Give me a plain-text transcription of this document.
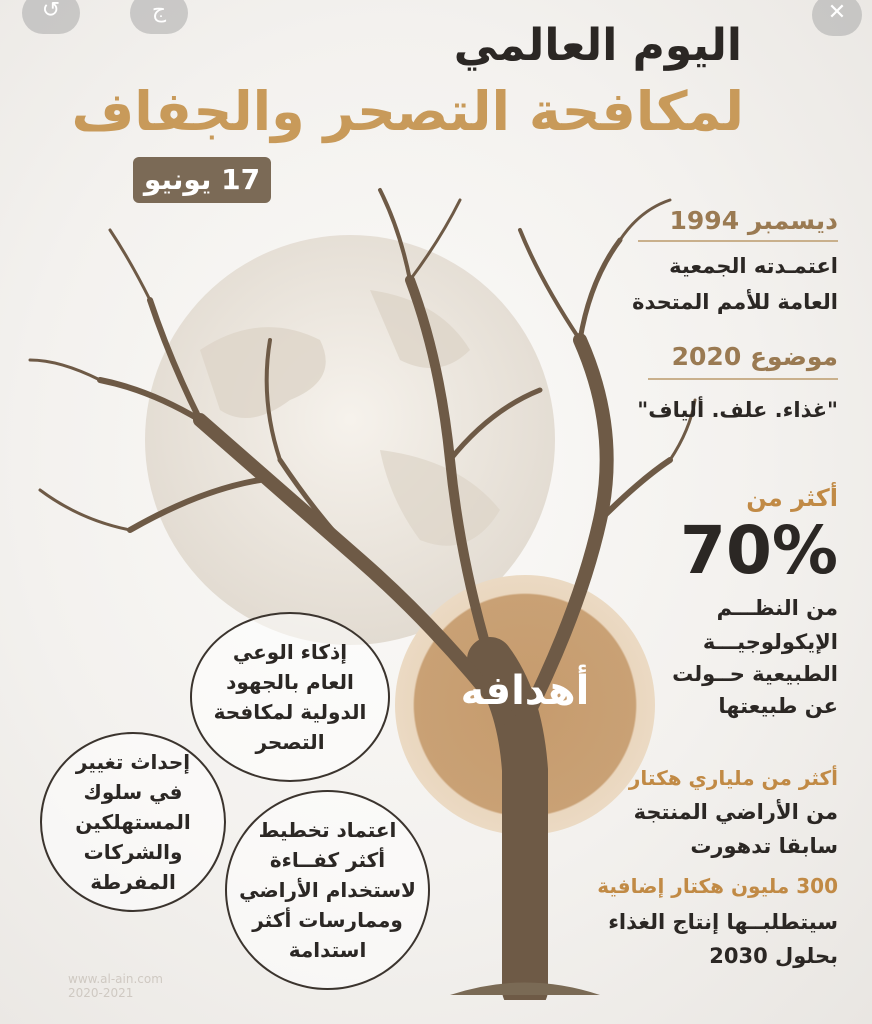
↺	ج	✕
اليوم العالمي
لمكافحة التصحر والجفاف
17 يونيو
ديسمبر 1994
اعتمـدته الجمعية
العامة للأمم المتحدة
موضوع 2020
"غذاء. علف. ألياف"
أكثر من
70%
من النظـــم
الإيكولوجيـــة
الطبيعية حــولت
عن طبيعتها
أكثر من ملياري هكتار
من الأراضي المنتجة
سابقا تدهورت
300 مليون هكتار إضافية
سيتطلبــها إنتاج الغذاء
بحلول 2030
أهدافه
إذكاء الوعي
العام بالجهود
الدولية لمكافحة
التصحر
إحداث تغيير
في سلوك
المستهلكين
والشركات
المفرطة
اعتماد تخطيط
أكثر كفــاءة
لاستخدام الأراضي
وممارسات أكثر
استدامة
www.al-ain.com
2020-2021
